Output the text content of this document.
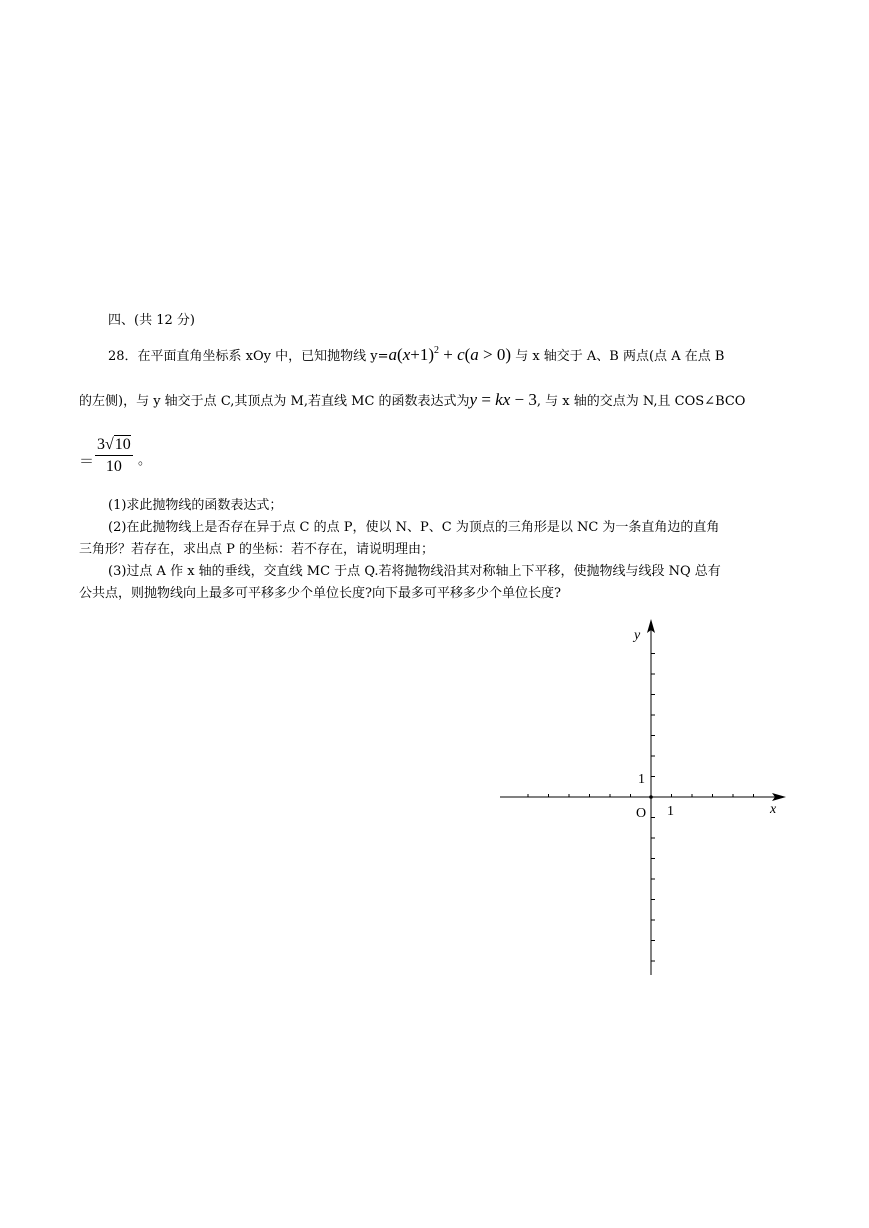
四、(共 12 分)
28．在平面直角坐标系 xOy 中，已知抛物线 $y=a(x+1)^2 + c(a > 0)$ 与 x 轴交于 A、B 两点(点 A 在点 B
的左侧)，与 y 轴交于点 C,其顶点为 M,若直线 MC 的函数表达式为y = kx − 3, 与 x 轴的交点为 N,且 COS∠BCO
＝ $\frac{3√10}{10}$ 。
(1)求此抛物线的函数表达式；
(2)在此抛物线上是否存在异于点 C 的点 P，使以 N、P、C 为顶点的三角形是以 NC 为一条直角边的直角
三角形？若存在，求出点 P 的坐标：若不存在，请说明理由；
(3)过点 A 作 x 轴的垂线，交直线 MC 于点 Q.若将抛物线沿其对称轴上下平移，使抛物线与线段 NQ 总有
公共点，则抛物线向上最多可平移多少个单位长度?向下最多可平移多少个单位长度?
y
x
O 1
1
